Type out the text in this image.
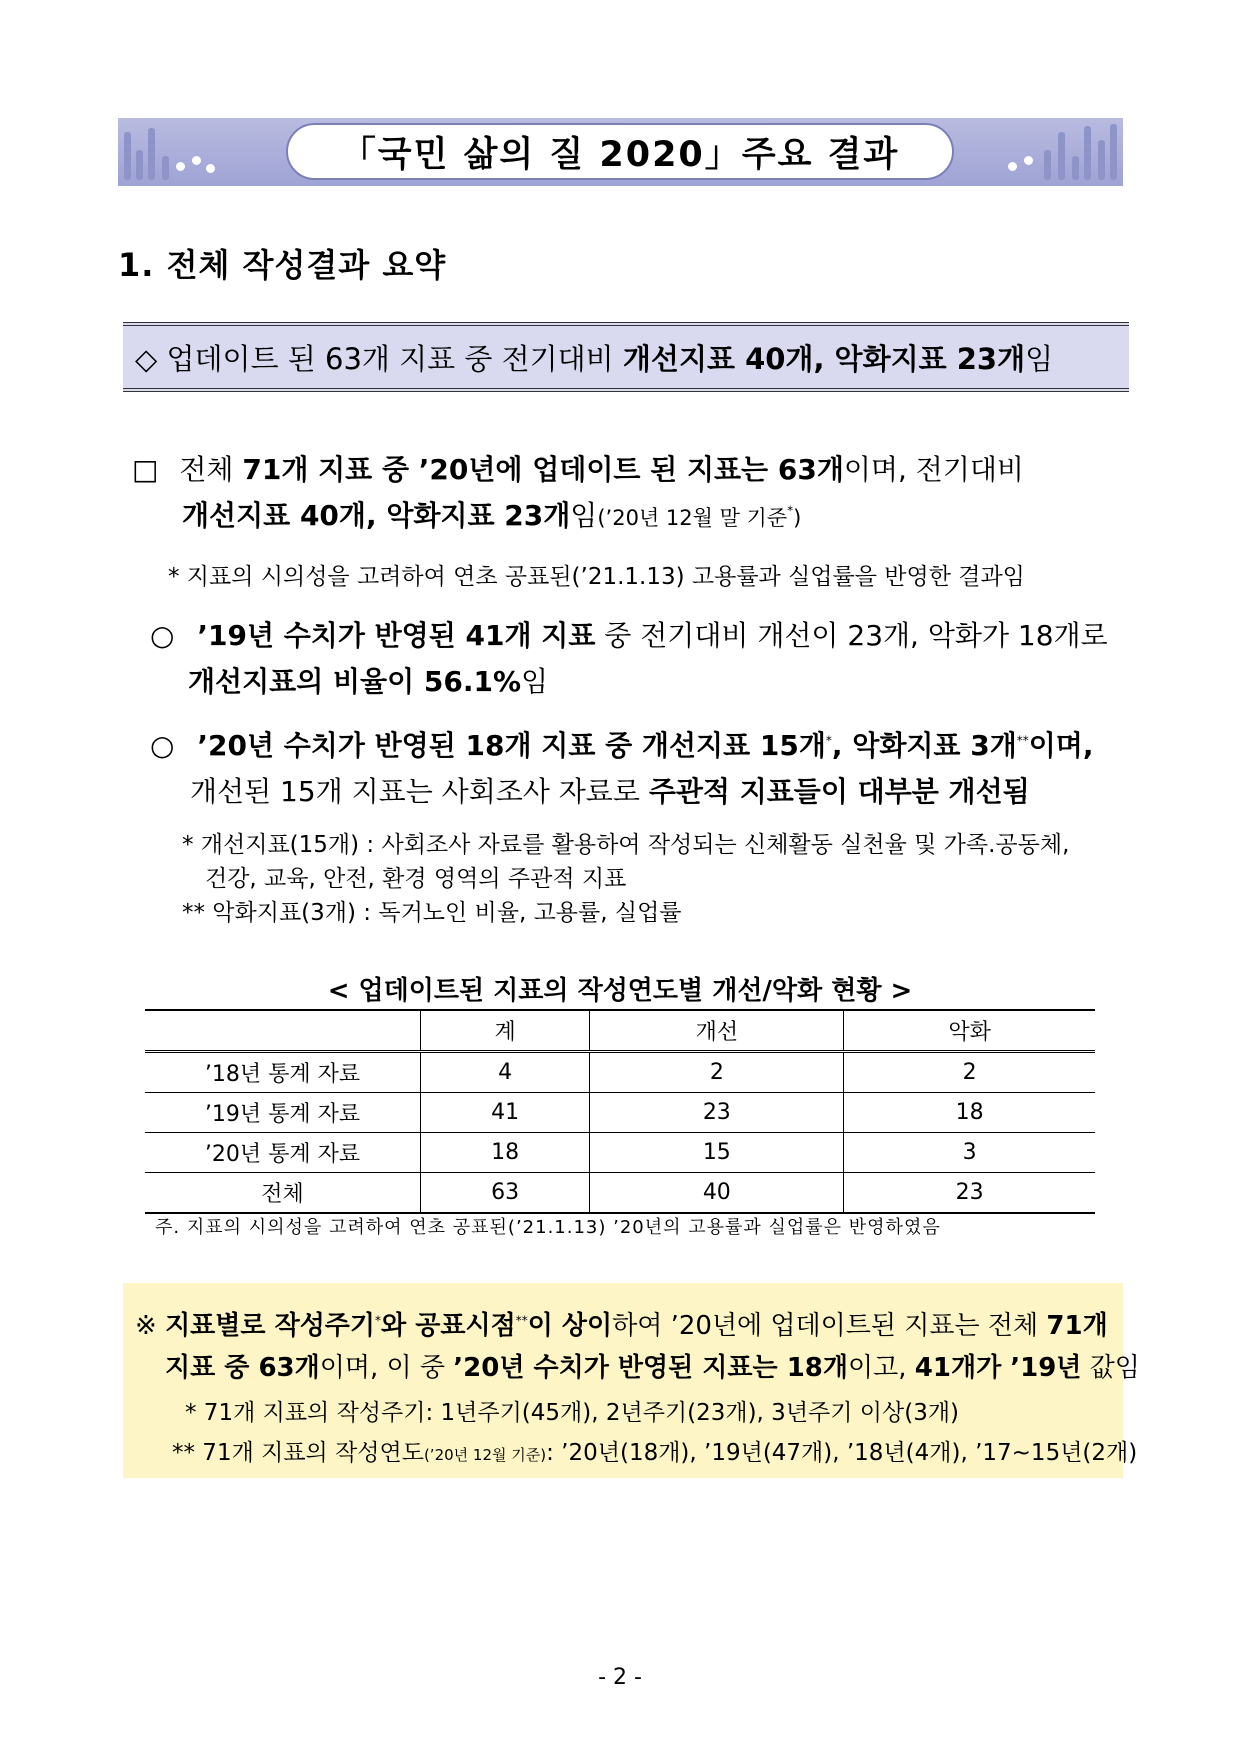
「국민 삶의 질 2020」주요 결과
1. 전체 작성결과 요약
◇ 업데이트 된 63개 지표 중 전기대비 개선지표 40개, 악화지표 23개 임
□ 전체 71개 지표 중 ’20년에 업데이트 된 지표는 63개이며, 전기대비
개선지표 40개, 악화지표 23개임(’20년 12월 말 기준*)
* 지표의 시의성을 고려하여 연초 공표된(’21.1.13) 고용률과 실업률을 반영한 결과임
○ ’19년 수치가 반영된 41개 지표 중 전기대비 개선이 23개, 악화가 18개로
개선지표의 비율이 56.1%임
○ ’20년 수치가 반영된 18개 지표 중 개선지표 15개*, 악화지표 3개**이며,
개선된 15개 지표는 사회조사 자료로 주관적 지표들이 대부분 개선됨
* 개선지표(15개) : 사회조사 자료를 활용하여 작성되는 신체활동 실천율 및 가족.공동체,
건강, 교육, 안전, 환경 영역의 주관적 지표
** 악화지표(3개) : 독거노인 비율, 고용률, 실업률
< 업데이트된 지표의 작성연도별 개선/악화 현황 >
	계	개선	악화
’18년 통계 자료	4	2	2
’19년 통계 자료	41	23	18
’20년 통계 자료	18	15	3
전체	63	40	23
주. 지표의 시의성을 고려하여 연초 공표된(’21.1.13) ’20년의 고용률과 실업률은 반영하였음
※ 지표별로 작성주기*와 공표시점**이 상이하여 ’20년에 업데이트된 지표는 전체 71개
지표 중 63개이며, 이 중 ’20년 수치가 반영된 지표는 18개이고, 41개가 ’19년 값임
* 71개 지표의 작성주기: 1년주기(45개), 2년주기(23개), 3년주기 이상(3개)
** 71개 지표의 작성연도(’20년 12월 기준): ’20년(18개), ’19년(47개), ’18년(4개), ’17~15년(2개)
- 2 -
